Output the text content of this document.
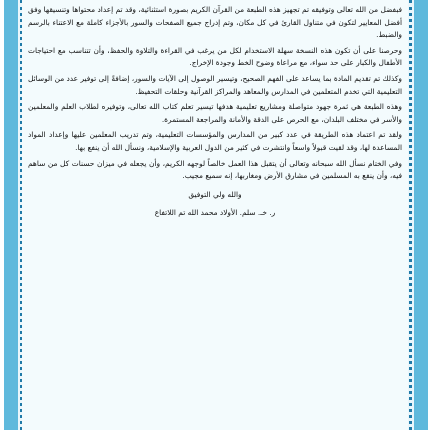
فبفضل من الله تعالى وتوفيقه تم تجهيز هذه الطبعة من القرآن الكريم بصورة استثنائية، وقد تم إعداد محتواها وتنسيقها وفق أفضل المعايير لتكون في متناول القارئ في كل مكان، وتم إدراج جميع الصفحات والسور بالأجزاء كاملة مع الاعتناء بالرسم والضبط.

وحرصنا على أن تكون هذه النسخة سهلة الاستخدام لكل من يرغب في القراءة والتلاوة والحفظ، وأن تتناسب مع احتياجات الأطفال والكبار على حد سواء، مع مراعاة وضوح الخط وجودة الإخراج.

وكذلك تم تقديم المادة بما يساعد على الفهم الصحيح، وتيسير الوصول إلى الآيات والسور، إضافةً إلى توفير عدد من الوسائل التعليمية التي تخدم المتعلمين في المدارس والمعاهد والمراكز القرآنية وحلقات التحفيظ.

وهذه الطبعة هي ثمرة جهود متواصلة ومشاريع تعليمية هدفها تيسير تعلم كتاب الله تعالى، وتوفيره لطلاب العلم والمعلمين والأسر في مختلف البلدان، مع الحرص على الدقة والأمانة والمراجعة المستمرة.

ولقد تم اعتماد هذه الطريقة في عدد كبير من المدارس والمؤسسات التعليمية، وتم تدريب المعلمين عليها وإعداد المواد المساعدة لها، وقد لقيت قبولاً واسعاً وانتشرت في كثير من الدول العربية والإسلامية، ونسأل الله أن ينفع بها.

وفي الختام نسأل الله سبحانه وتعالى أن يتقبل هذا العمل خالصاً لوجهه الكريم، وأن يجعله في ميزان حسنات كل من ساهم فيه، وأن ينفع به المسلمين في مشارق الأرض ومغاربها، إنه سميع مجيب.

والله ولي التوفيق

ر. خـ. سلم. الأولاد محمد الله تم اللاتفاع
